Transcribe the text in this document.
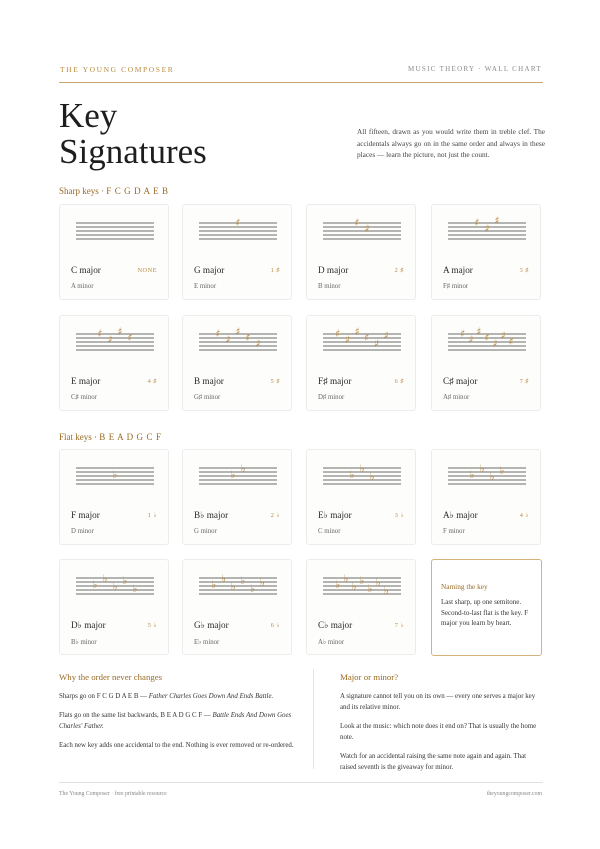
THE YOUNG COMPOSER	MUSIC THEORY · WALL CHART
Key
Signatures
All fifteen, drawn as you would write them in treble clef. The accidentals always go on in the same order and always in these places — learn the picture, not just the count.
Sharp keys · F C G D A E B
Flat keys · B E A D G C F
C major	NONE
A minor
♯
G major	1 ♯
E minor
♯ ♯
D major	2 ♯
B minor
♯ ♯
♯
A major	3 ♯
F♯ minor
♯ ♯
♯ ♯
E major	4 ♯
C♯ minor
♯ ♯
♯ ♯ ♯
B major	5 ♯
G♯ minor
♯ ♯
♯ ♯ ♯
♯
F♯ major	6 ♯
D♯ minor
♯ ♯
♯ ♯ ♯
♯ ♯
C♯ major	7 ♯
A♯ minor
♭
F major	1 ♭
D minor
♭ ♭
B♭ major	2 ♭
G minor
♭ ♭
♭
E♭ major	3 ♭
C minor
♭ ♭
♭ ♭
A♭ major	4 ♭
F minor
♭ ♭
♭ ♭
♭
D♭ major	5 ♭
B♭ minor
♭ ♭
♭ ♭
♭ ♭
G♭ major	6 ♭
E♭ minor
♭ ♭
♭ ♭
♭ ♭
♭
C♭ major	7 ♭
A♭ minor
Naming the key
Last sharp, up one semitone. Second-to-last flat is the key. F major you learn by heart.
Why the order never changes

Sharps go on F C G D A E B — Father Charles Goes Down And Ends Battle.

Flats go on the same list backwards, B E A D G C F — Battle Ends And Down Goes Charles' Father.

Each new key adds one accidental to the end. Nothing is ever removed or re-ordered.

Major or minor?

A signature cannot tell you on its own — every one serves a major key and its relative minor.

Look at the music: which note does it end on? That is usually the home note.

Watch for an accidental raising the same note again and again. That raised seventh is the giveaway for minor.

The Young Composer · free printable resource	theyoungcomposer.com
